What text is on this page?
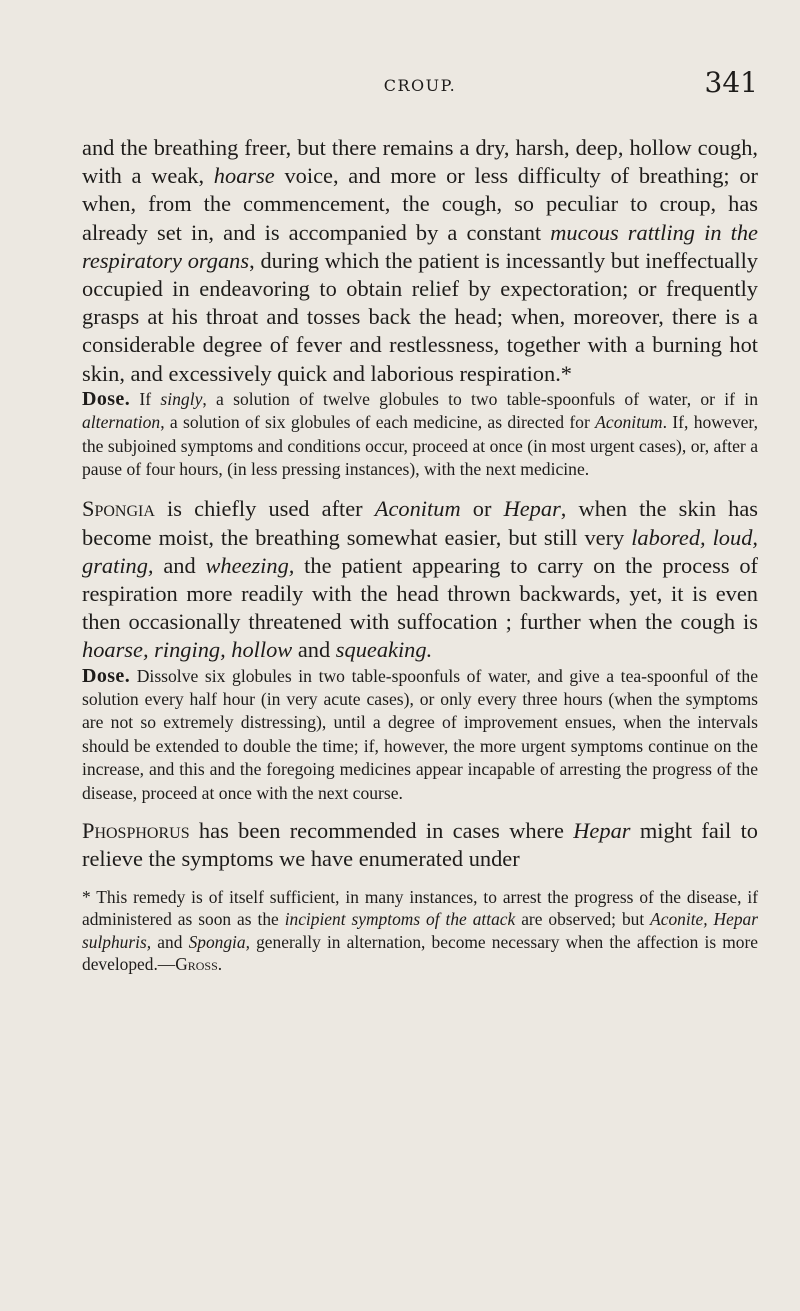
CROUP.	341

and the breathing freer, but there remains a dry, harsh, deep, hollow cough, with a weak, hoarse voice, and more or less difficulty of breathing; or when, from the commencement, the cough, so peculiar to croup, has already set in, and is accompanied by a constant mucous rattling in the respiratory organs, during which the patient is incessantly but ineffectually occupied in endeavoring to obtain relief by expectoration; or frequently grasps at his throat and tosses back the head; when, moreover, there is a considerable degree of fever and restlessness, together with a burning hot skin, and excessively quick and laborious respiration.*

Dose. If singly, a solution of twelve globules to two table-spoonfuls of water, or if in alternation, a solution of six globules of each medicine, as directed for Aconitum. If, however, the subjoined symptoms and conditions occur, proceed at once (in most urgent cases), or, after a pause of four hours, (in less pressing instances), with the next medicine.

Spongia is chiefly used after Aconitum or Hepar, when the skin has become moist, the breathing somewhat easier, but still very labored, loud, grating, and wheezing, the patient appearing to carry on the process of respiration more readily with the head thrown backwards, yet, it is even then occasionally threatened with suffocation ; further when the cough is hoarse, ringing, hollow and squeaking.

Dose. Dissolve six globules in two table-spoonfuls of water, and give a tea-spoonful of the solution every half hour (in very acute cases), or only every three hours (when the symptoms are not so extremely distressing), until a degree of improvement ensues, when the intervals should be extended to double the time; if, however, the more urgent symptoms continue on the increase, and this and the foregoing medicines appear incapable of arresting the progress of the disease, proceed at once with the next course.

Phosphorus has been recommended in cases where Hepar might fail to relieve the symptoms we have enumerated under

* This remedy is of itself sufficient, in many instances, to arrest the progress of the disease, if administered as soon as the incipient symptoms of the attack are observed; but Aconite, Hepar sulphuris, and Spongia, generally in alternation, become necessary when the affection is more developed.—Gross.
